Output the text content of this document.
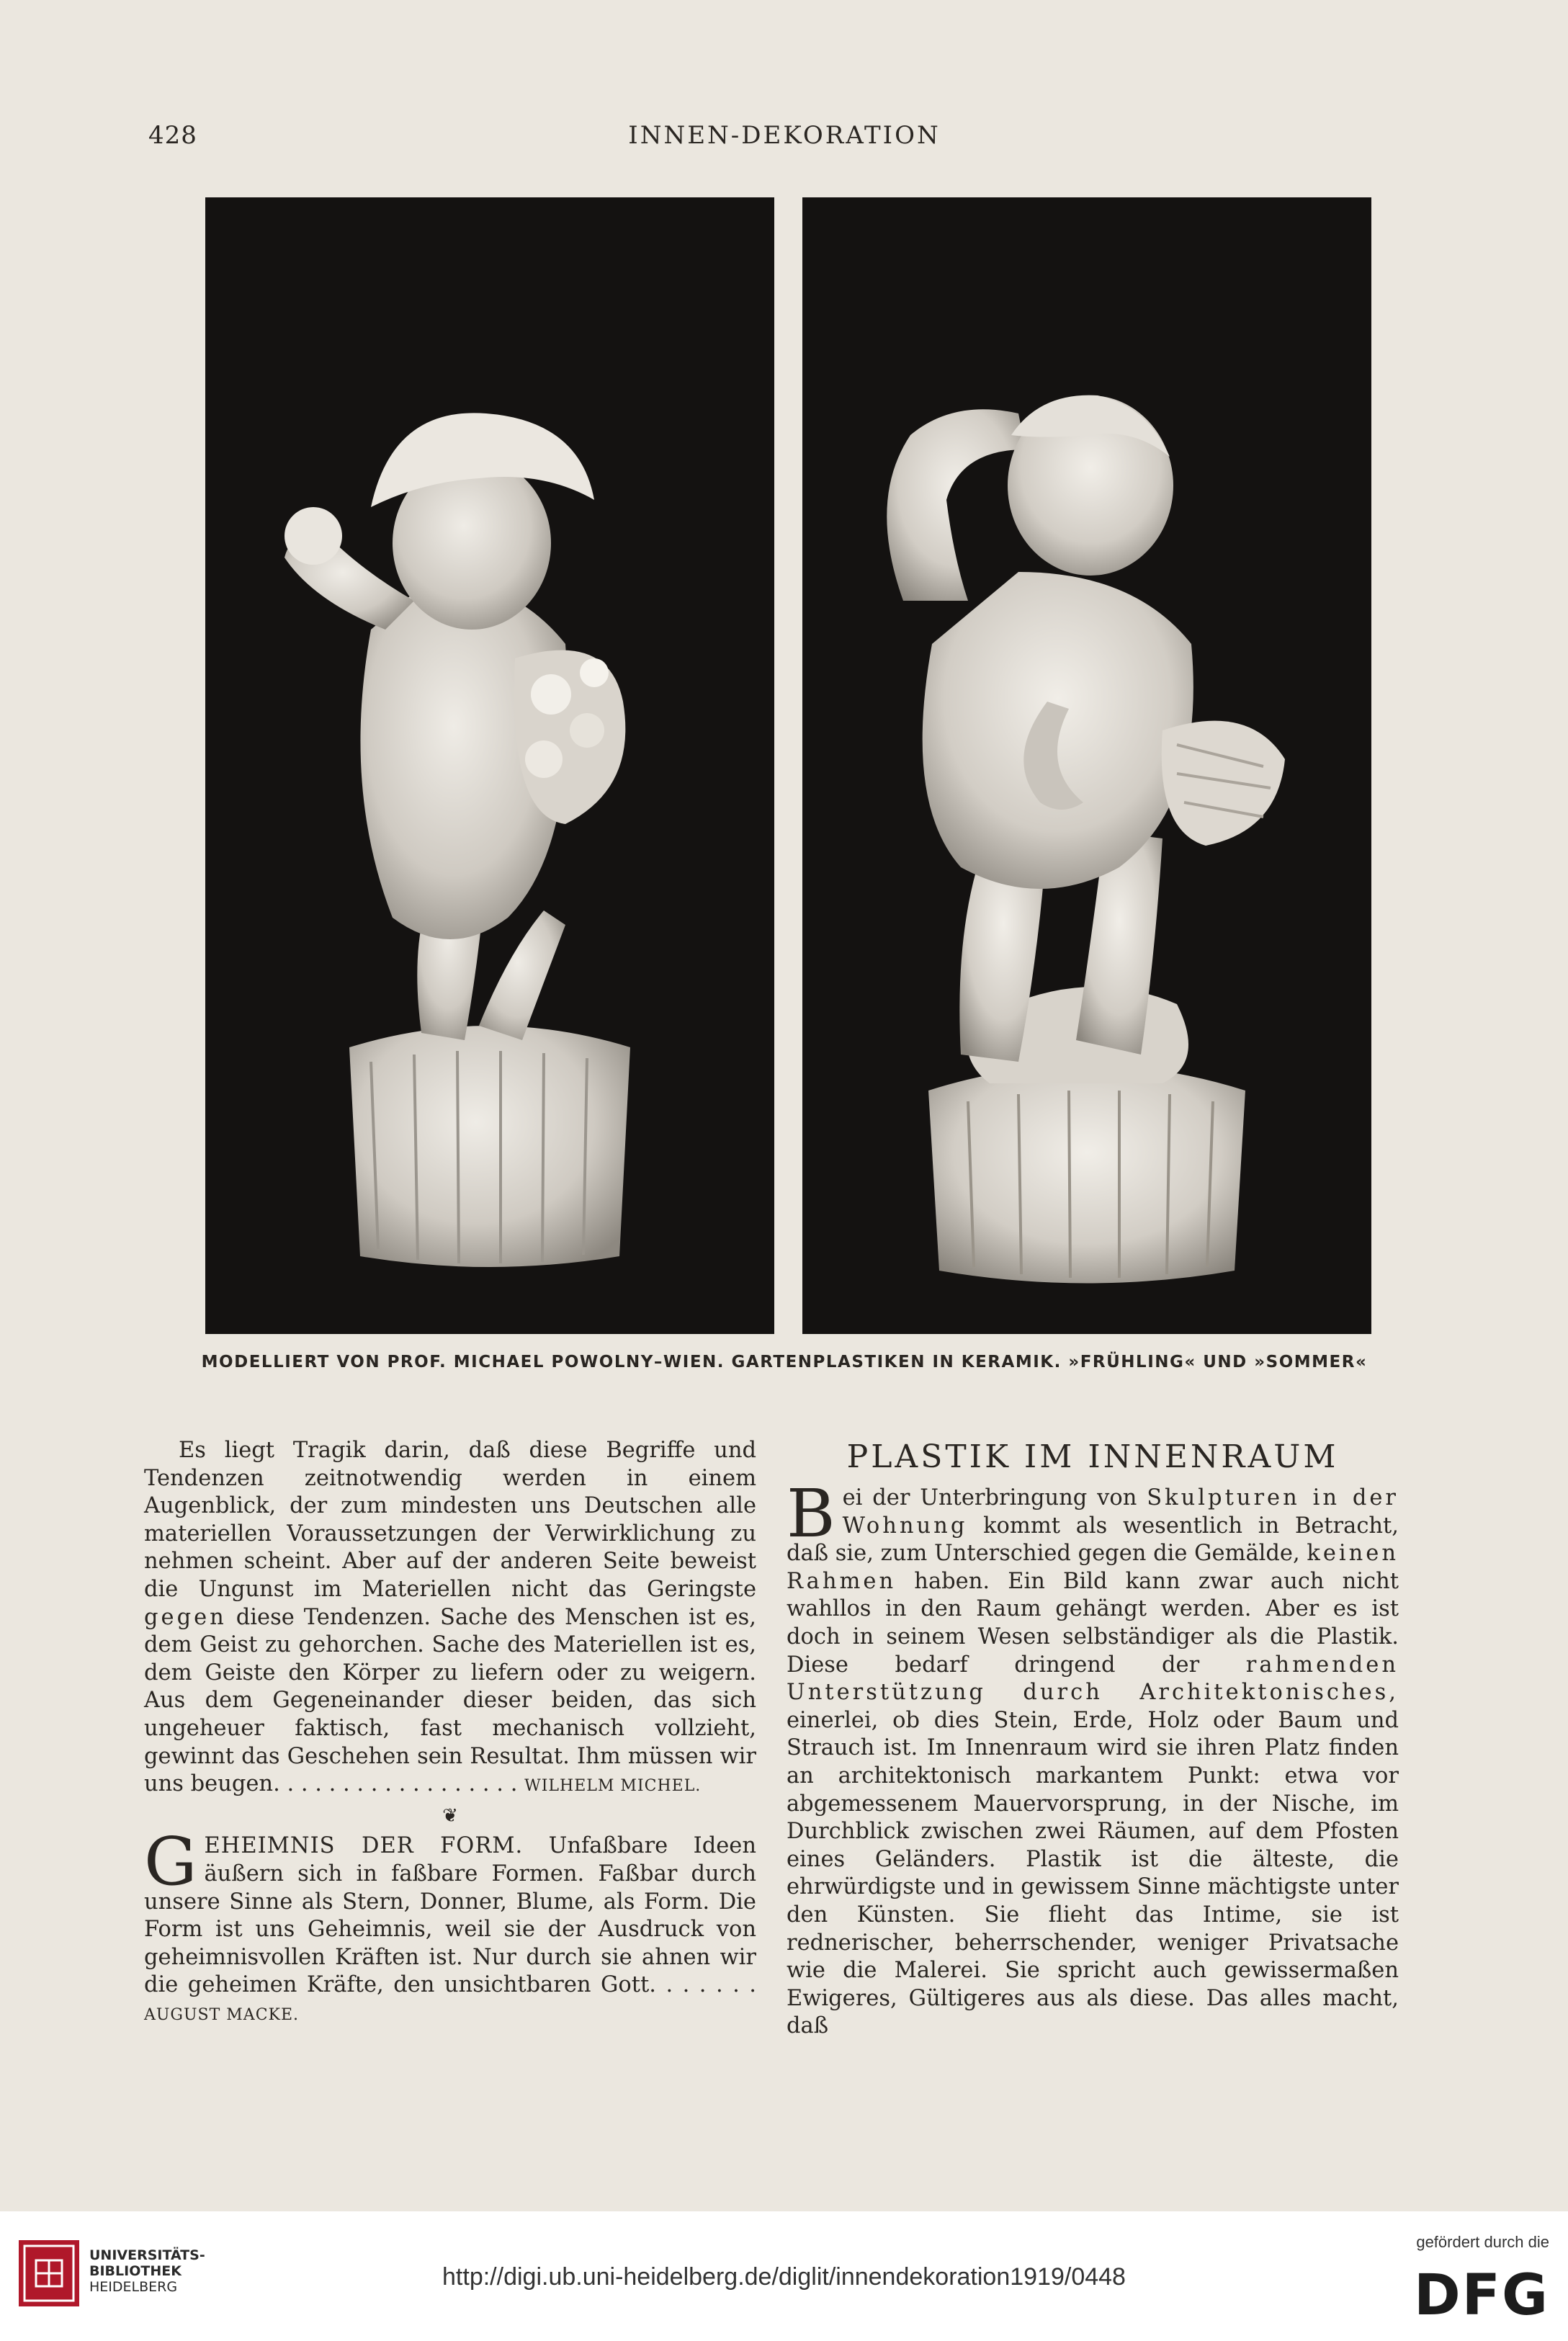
428	INNEN-DEKORATION
MODELLIERT VON PROF. MICHAEL POWOLNY–WIEN. GARTENPLASTIKEN IN KERAMIK. »FRÜHLING« UND »SOMMER«

Es liegt Tragik darin, daß diese Begriffe und Tendenzen zeitnotwendig werden in einem Augenblick, der zum mindesten uns Deutschen alle materiellen Voraussetzungen der Verwirklichung zu nehmen scheint. Aber auf der anderen Seite beweist die Ungunst im Materiellen nicht das Geringste gegen diese Tendenzen. Sache des Menschen ist es, dem Geist zu gehorchen. Sache des Materiellen ist es, dem Geiste den Körper zu liefern oder zu weigern. Aus dem Gegeneinander dieser beiden, das sich ungeheuer faktisch, fast mechanisch vollzieht, gewinnt das Geschehen sein Resultat. Ihm müssen wir uns beugen. . . . . . . . . . . . . . . . . . WILHELM MICHEL.

❦

GEHEIMNIS DER FORM. Unfaßbare Ideen äußern sich in faßbare Formen. Faßbar durch unsere Sinne als Stern, Donner, Blume, als Form. Die Form ist uns Geheimnis, weil sie der Ausdruck von geheimnisvollen Kräften ist. Nur durch sie ahnen wir die geheimen Kräfte, den unsichtbaren Gott. . . . . . . AUGUST MACKE.

PLASTIK IM INNENRAUM

Bei der Unterbringung von Skulpturen in der Wohnung kommt als wesentlich in Betracht, daß sie, zum Unterschied gegen die Gemälde, keinen Rahmen haben. Ein Bild kann zwar auch nicht wahllos in den Raum gehängt werden. Aber es ist doch in seinem Wesen selbständiger als die Plastik. Diese bedarf dringend der rahmenden Unterstützung durch Architektonisches, einerlei, ob dies Stein, Erde, Holz oder Baum und Strauch ist. Im Innenraum wird sie ihren Platz finden an architektonisch markantem Punkt: etwa vor abgemessenem Mauervorsprung, in der Nische, im Durchblick zwischen zwei Räumen, auf dem Pfosten eines Geländers. Plastik ist die älteste, die ehrwürdigste und in gewissem Sinne mächtigste unter den Künsten. Sie flieht das Intime, sie ist rednerischer, beherrschender, weniger Privatsache wie die Malerei. Sie spricht auch gewissermaßen Ewigeres, Gültigeres aus als diese. Das alles macht, daß

UNIVERSITÄTS-
BIBLIOTHEK
HEIDELBERG	http://digi.ub.uni-heidelberg.de/diglit/innendekoration1919/0448
gefördert durch die
DFG
